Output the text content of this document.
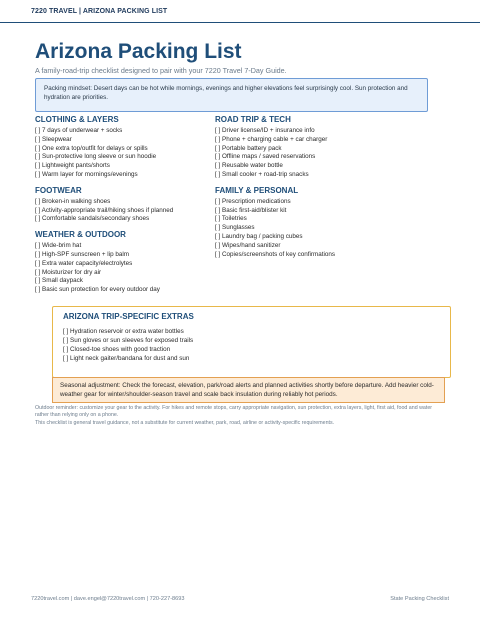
7220 TRAVEL | ARIZONA PACKING LIST
Arizona Packing List
A family-road-trip checklist designed to pair with your 7220 Travel 7-Day Guide.
Packing mindset: Desert days can be hot while mornings, evenings and higher elevations feel surprisingly cool. Sun protection and hydration are priorities.
CLOTHING & LAYERS
[ ] 7 days of underwear + socks
[ ] Sleepwear
[ ] One extra top/outfit for delays or spills
[ ] Sun-protective long sleeve or sun hoodie
[ ] Lightweight pants/shorts
[ ] Warm layer for mornings/evenings
FOOTWEAR
[ ] Broken-in walking shoes
[ ] Activity-appropriate trail/hiking shoes if planned
[ ] Comfortable sandals/secondary shoes
WEATHER & OUTDOOR
[ ] Wide-brim hat
[ ] High-SPF sunscreen + lip balm
[ ] Extra water capacity/electrolytes
[ ] Moisturizer for dry air
[ ] Small daypack
[ ] Basic sun protection for every outdoor day
ROAD TRIP & TECH
[ ] Driver license/ID + insurance info
[ ] Phone + charging cable + car charger
[ ] Portable battery pack
[ ] Offline maps / saved reservations
[ ] Reusable water bottle
[ ] Small cooler + road-trip snacks
FAMILY & PERSONAL
[ ] Prescription medications
[ ] Basic first-aid/blister kit
[ ] Toiletries
[ ] Sunglasses
[ ] Laundry bag / packing cubes
[ ] Wipes/hand sanitizer
[ ] Copies/screenshots of key confirmations
ARIZONA TRIP-SPECIFIC EXTRAS
[ ] Hydration reservoir or extra water bottles
[ ] Sun gloves or sun sleeves for exposed trails
[ ] Closed-toe shoes with good traction
[ ] Light neck gaiter/bandana for dust and sun
Seasonal adjustment: Check the forecast, elevation, park/road alerts and planned activities shortly before departure. Add heavier cold-weather gear for winter/shoulder-season travel and scale back insulation during reliably hot periods.
Outdoor reminder: customize your gear to the activity. For hikes and remote stops, carry appropriate navigation, sun protection, extra layers, light, first aid, food and water rather than relying only on a phone.
This checklist is general travel guidance, not a substitute for current weather, park, road, airline or activity-specific requirements.
7220travel.com | dave.engel@7220travel.com | 720-227-8693	State Packing Checklist
